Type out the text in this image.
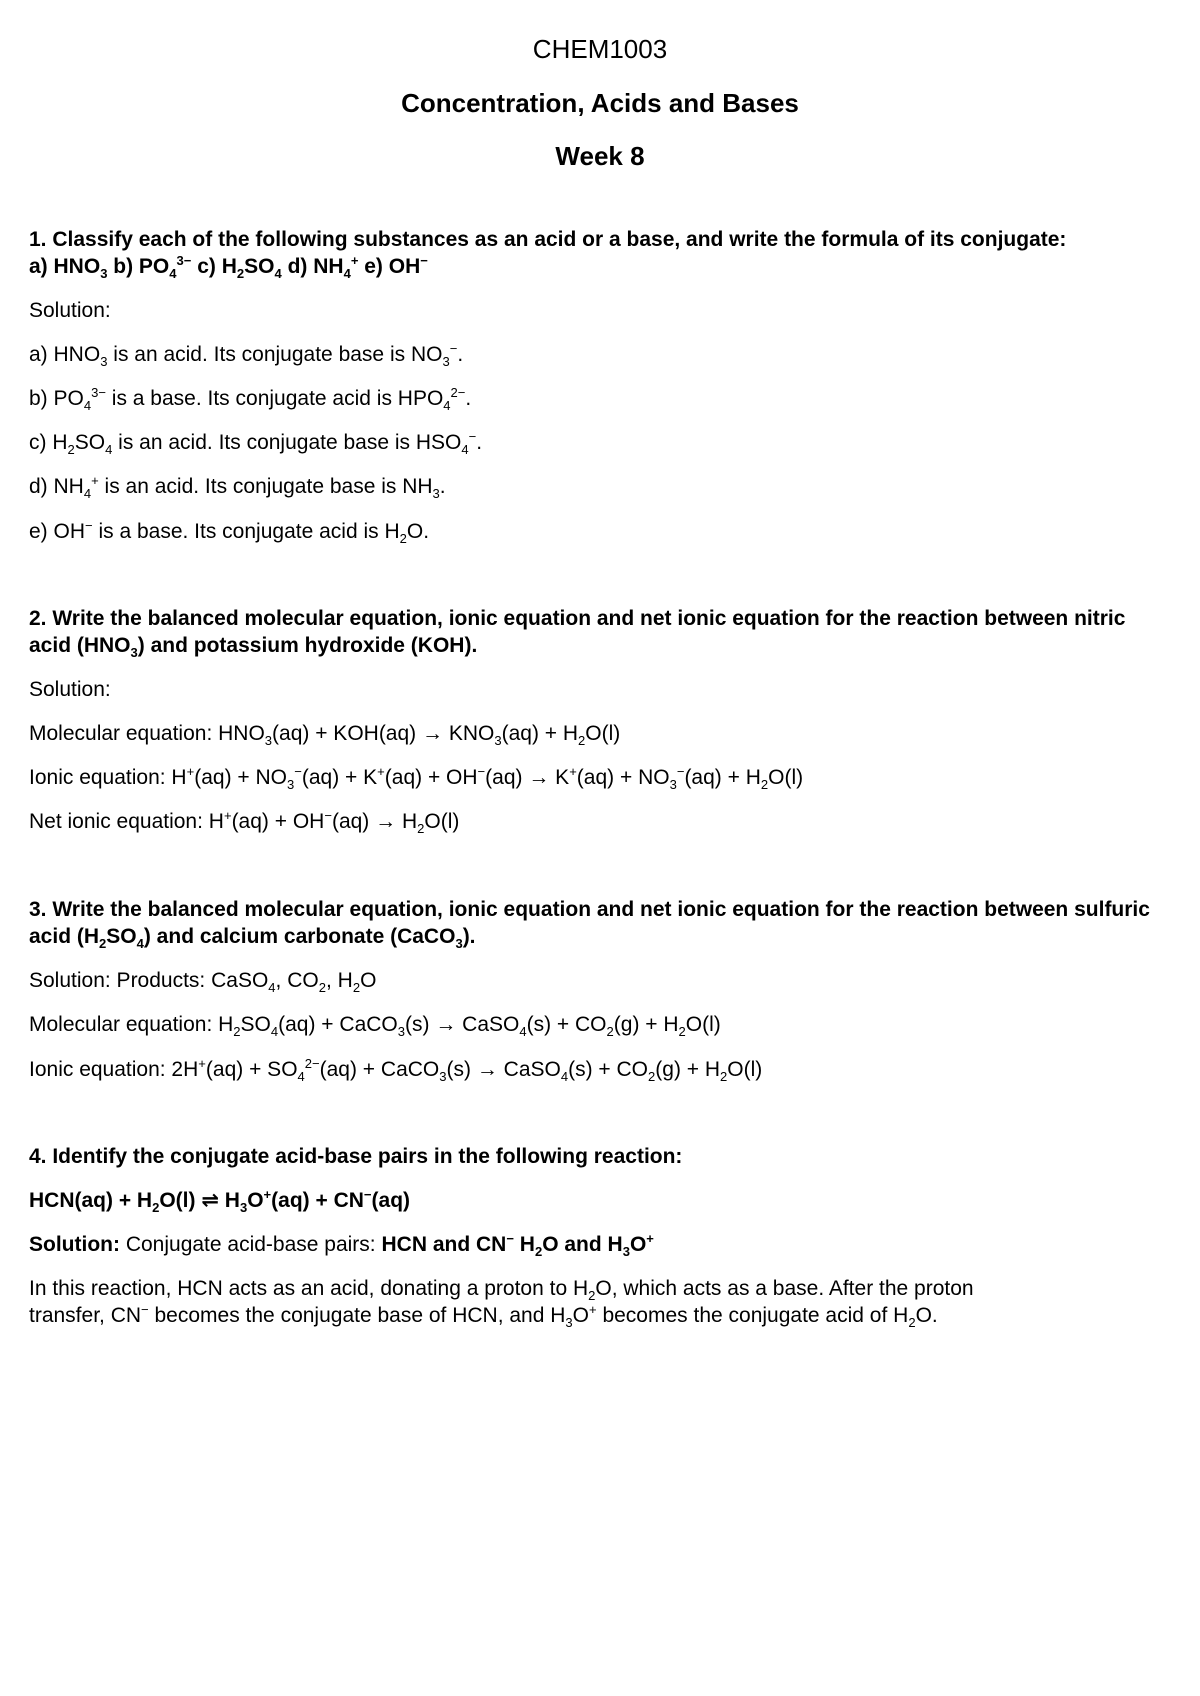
CHEM1003
Concentration, Acids and Bases
Week 8
1. Classify each of the following substances as an acid or a base, and write the formula of its conjugate:
a) $HNO_3$ b) $PO_4^{3-}$ c) $H_2SO_4$ d) $NH_4^+$ e) OH−
Solution:
a) $HNO_3$ is an acid. Its conjugate base is $NO_3^-$.
b) $PO_4^{3-}$ is a base. Its conjugate acid is $HPO_4^{2-}$.
c) $H_2SO_4$ is an acid. Its conjugate base is $HSO_4^-$.
d) $NH_4^+$ is an acid. Its conjugate base is $NH_3$.
e) OH− is a base. Its conjugate acid is $H_2O$.
2. Write the balanced molecular equation, ionic equation and net ionic equation for the reaction between nitric
acid $(HNO_3)$ and potassium hydroxide (KOH).
Solution:
Molecular equation: $HNO_3(aq) + KOH(aq) \to KNO_3(aq) + H_2O(l)$
Ionic equation: $H^+(aq) + NO_3^-(aq) + K^+(aq) + OH^-(aq) \to K^+(aq) + NO_3^-(aq) + H_2O(l)$
Net ionic equation: $H^+(aq) + OH^-(aq) \to H_2O(l)$
3. Write the balanced molecular equation, ionic equation and net ionic equation for the reaction between sulfuric
acid $(H_2SO_4)$ and calcium carbonate (CaCO$_3$).
Solution: Products: CaSO$_4$, $CO_2$, $H_2O$
Molecular equation: $H_2SO_4(aq)$ + CaCO$_3$(s) → CaSO$_4$(s) + $CO_2(g) + H_2O(l)$
Ionic equation: $2H^+(aq) + SO_4^{2-}(aq)$ + CaCO$_3$(s) → CaSO$_4$(s) + $CO_2(g) + H_2O(l)$
4. Identify the conjugate acid-base pairs in the following reaction:
$HCN(aq) + H_2O(l)$ ⇌ $H_3O^+(aq) + CN^-(aq)$
Solution: Conjugate acid-base pairs: HCN and CN− $H_2O$ and $H_3O^+$
In this reaction, HCN acts as an acid, donating a proton to $H_2O$, which acts as a base. After the proton
transfer, CN− becomes the conjugate base of HCN, and $H_3O^+$ becomes the conjugate acid of $H_2O$.
